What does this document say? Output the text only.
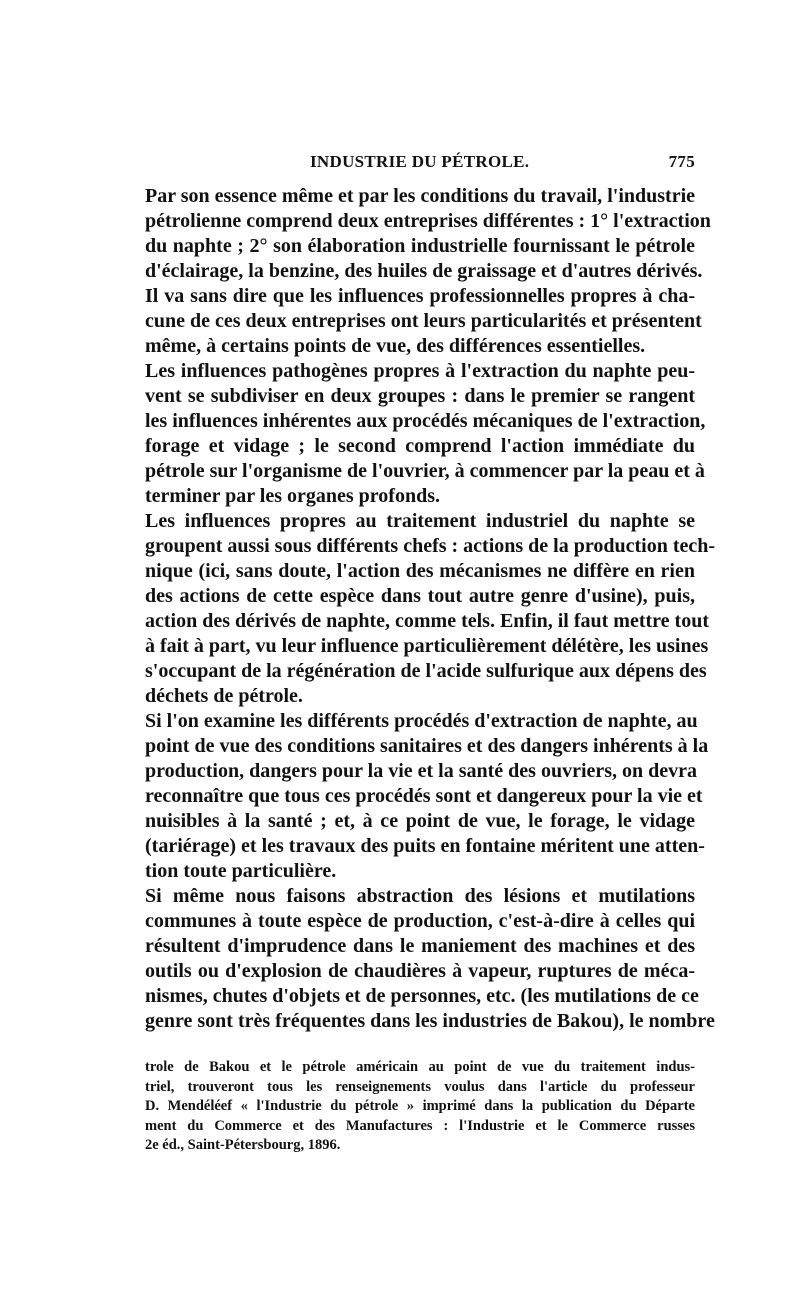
INDUSTRIE DU PÉTROLE.	775

Par son essence même et par les conditions du travail, l'industrie
pétrolienne comprend deux entreprises différentes : 1° l'extraction
du naphte ; 2° son élaboration industrielle fournissant le pétrole
d'éclairage, la benzine, des huiles de graissage et d'autres dérivés.

Il va sans dire que les influences professionnelles propres à cha-
cune de ces deux entreprises ont leurs particularités et présentent
même, à certains points de vue, des différences essentielles.

Les influences pathogènes propres à l'extraction du naphte peu-
vent se subdiviser en deux groupes : dans le premier se rangent
les influences inhérentes aux procédés mécaniques de l'extraction,
forage et vidage ; le second comprend l'action immédiate du
pétrole sur l'organisme de l'ouvrier, à commencer par la peau et à
terminer par les organes profonds.

Les influences propres au traitement industriel du naphte se
groupent aussi sous différents chefs : actions de la production tech-
nique (ici, sans doute, l'action des mécanismes ne diffère en rien
des actions de cette espèce dans tout autre genre d'usine), puis,
action des dérivés de naphte, comme tels. Enfin, il faut mettre tout
à fait à part, vu leur influence particulièrement délétère, les usines
s'occupant de la régénération de l'acide sulfurique aux dépens des
déchets de pétrole.

Si l'on examine les différents procédés d'extraction de naphte, au
point de vue des conditions sanitaires et des dangers inhérents à la
production, dangers pour la vie et la santé des ouvriers, on devra
reconnaître que tous ces procédés sont et dangereux pour la vie et
nuisibles à la santé ; et, à ce point de vue, le forage, le vidage
(tariérage) et les travaux des puits en fontaine méritent une atten-
tion toute particulière.

Si même nous faisons abstraction des lésions et mutilations
communes à toute espèce de production, c'est-à-dire à celles qui
résultent d'imprudence dans le maniement des machines et des
outils ou d'explosion de chaudières à vapeur, ruptures de méca-
nismes, chutes d'objets et de personnes, etc. (les mutilations de ce
genre sont très fréquentes dans les industries de Bakou), le nombre

trole de Bakou et le pétrole américain au point de vue du traitement indus-
triel, trouveront tous les renseignements voulus dans l'article du professeur
D. Mendéléef « l'Industrie du pétrole » imprimé dans la publication du Départe
ment du Commerce et des Manufactures : l'Industrie et le Commerce russes
2e éd., Saint-Pétersbourg, 1896.
